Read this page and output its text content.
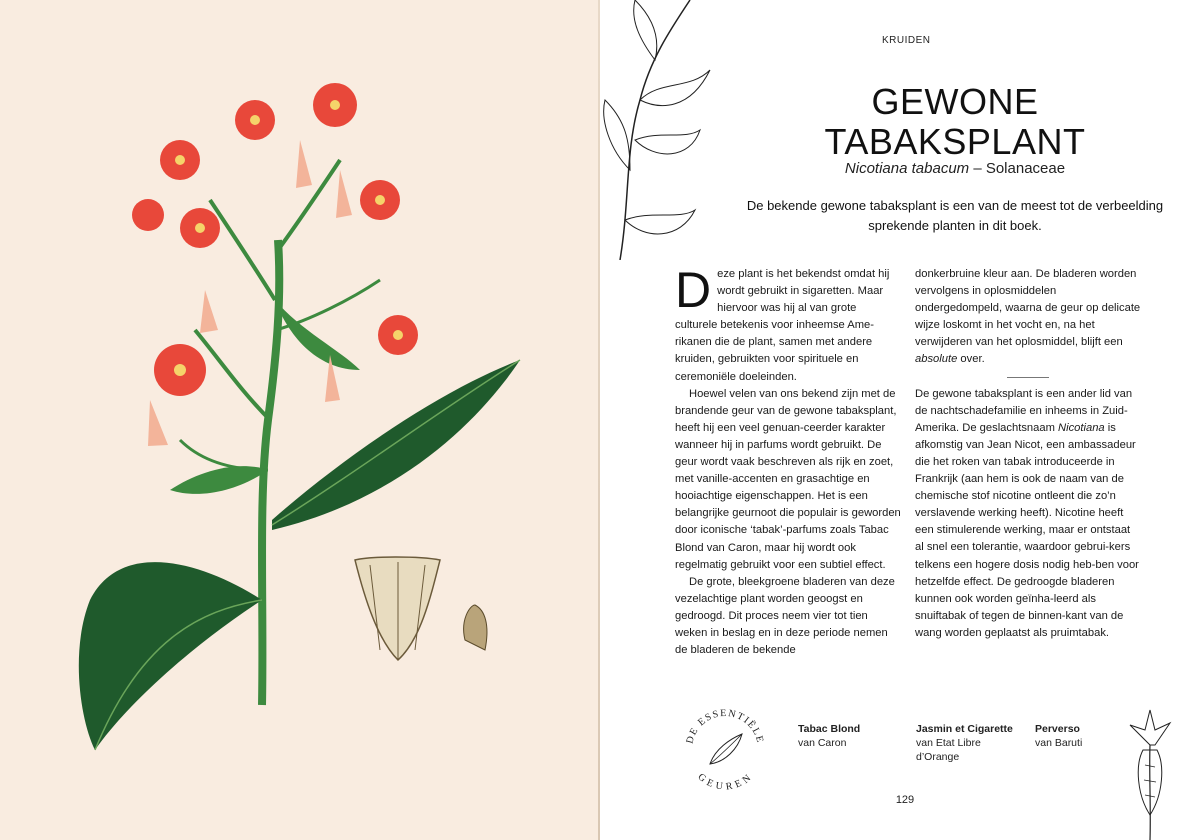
KRUIDEN
GEWONE
TABAKSPLANT
Nicotiana tabacum – Solanaceae
De bekende gewone tabaksplant is een van de meest tot de verbeelding sprekende planten in dit boek.

Deze plant is het bekendst omdat hij wordt gebruikt in sigaretten. Maar hiervoor was hij al van grote culturele betekenis voor inheemse Ame-rikanen die de plant, samen met andere kruiden, gebruikten voor spirituele en ceremoniële doeleinden.

Hoewel velen van ons bekend zijn met de brandende geur van de gewone tabaksplant, heeft hij een veel genuan-ceerder karakter wanneer hij in parfums wordt gebruikt. De geur wordt vaak beschreven als rijk en zoet, met vanille-accenten en grasachtige en hooiachtige eigenschappen. Het is een belangrijke geurnoot die populair is geworden door iconische ‘tabak’-parfums zoals Tabac Blond van Caron, maar hij wordt ook regelmatig gebruikt voor een subtiel effect.

De grote, bleekgroene bladeren van deze vezelachtige plant worden geoogst en gedroogd. Dit proces neem vier tot tien weken in beslag en in deze periode nemen de bladeren de bekende

donkerbruine kleur aan. De bladeren worden vervolgens in oplosmiddelen ondergedompeld, waarna de geur op delicate wijze loskomt in het vocht en, na het verwijderen van het oplosmiddel, blijft een absolute over.

De gewone tabaksplant is een ander lid van de nachtschadefamilie en inheems in Zuid-Amerika. De geslachtsnaam Nicotiana is afkomstig van Jean Nicot, een ambassadeur die het roken van tabak introduceerde in Frankrijk (aan hem is ook de naam van de chemische stof nicotine ontleent die zo’n verslavende werking heeft). Nicotine heeft een stimulerende werking, maar er ontstaat al snel een tolerantie, waardoor gebrui-kers telkens een hogere dosis nodig heb-ben voor hetzelfde effect. De gedroogde bladeren kunnen ook worden geïnha-leerd als snuiftabak of tegen de binnen-kant van de wang worden geplaatst als pruimtabak.

DE ESSENTIËLE
GEUREN
Tabac Blond
van Caron
Jasmin et Cigarette
van Etat Libre d’Orange
Perverso
van Baruti
129
